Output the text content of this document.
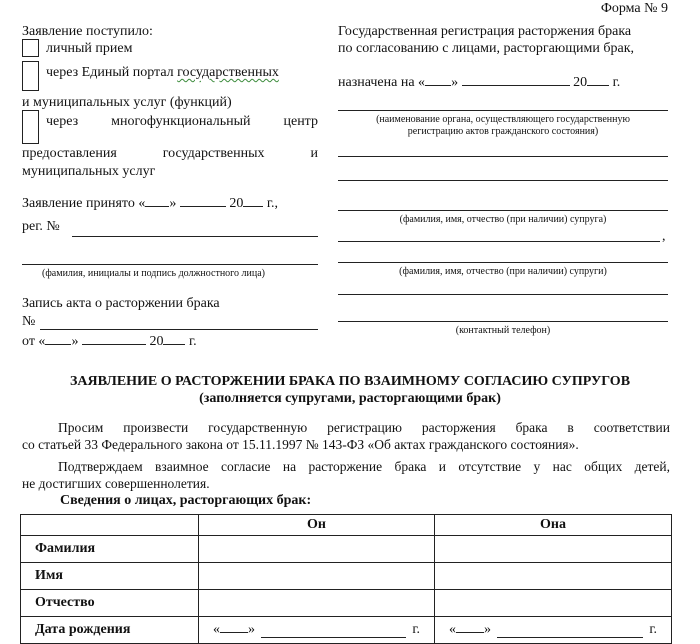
Форма № 9
Заявление поступило:
личный прием
через Единый портал государственных
и муниципальных услуг (функций)
через многофункциональный центр
предоставления	государственных	и
муниципальных услуг
Заявление принято « »	20 г.,
рег. №
(фамилия, инициалы и подпись должностного лица)
Запись акта о расторжении брака
№
от « »	20 г.
Государственная регистрация расторжения брака
по согласованию с лицами, расторгающими брак,
назначена на « »	20 г.
(наименование органа, осуществляющего государственную
регистрацию актов гражданского состояния)
(фамилия, имя, отчество (при наличии) супруга)
,
(фамилия, имя, отчество (при наличии) супруги)
(контактный телефон)
ЗАЯВЛЕНИЕ О РАСТОРЖЕНИИ БРАКА ПО ВЗАИМНОМУ СОГЛАСИЮ СУПРУГОВ
(заполняется супругами, расторгающими брак)
Просим произвести государственную регистрацию расторжения брака в соответствии
со статьей 33 Федерального закона от 15.11.1997 № 143-ФЗ «Об актах гражданского состояния».
Подтверждаем взаимное согласие на расторжение брака и отсутствие у нас общих детей,
не достигших совершеннолетия.
Сведения о лицах, расторгающих брак:
	Он	Она
Фамилия		
Имя		
Отчество		
Дата рождения	« » г.	« » г.
